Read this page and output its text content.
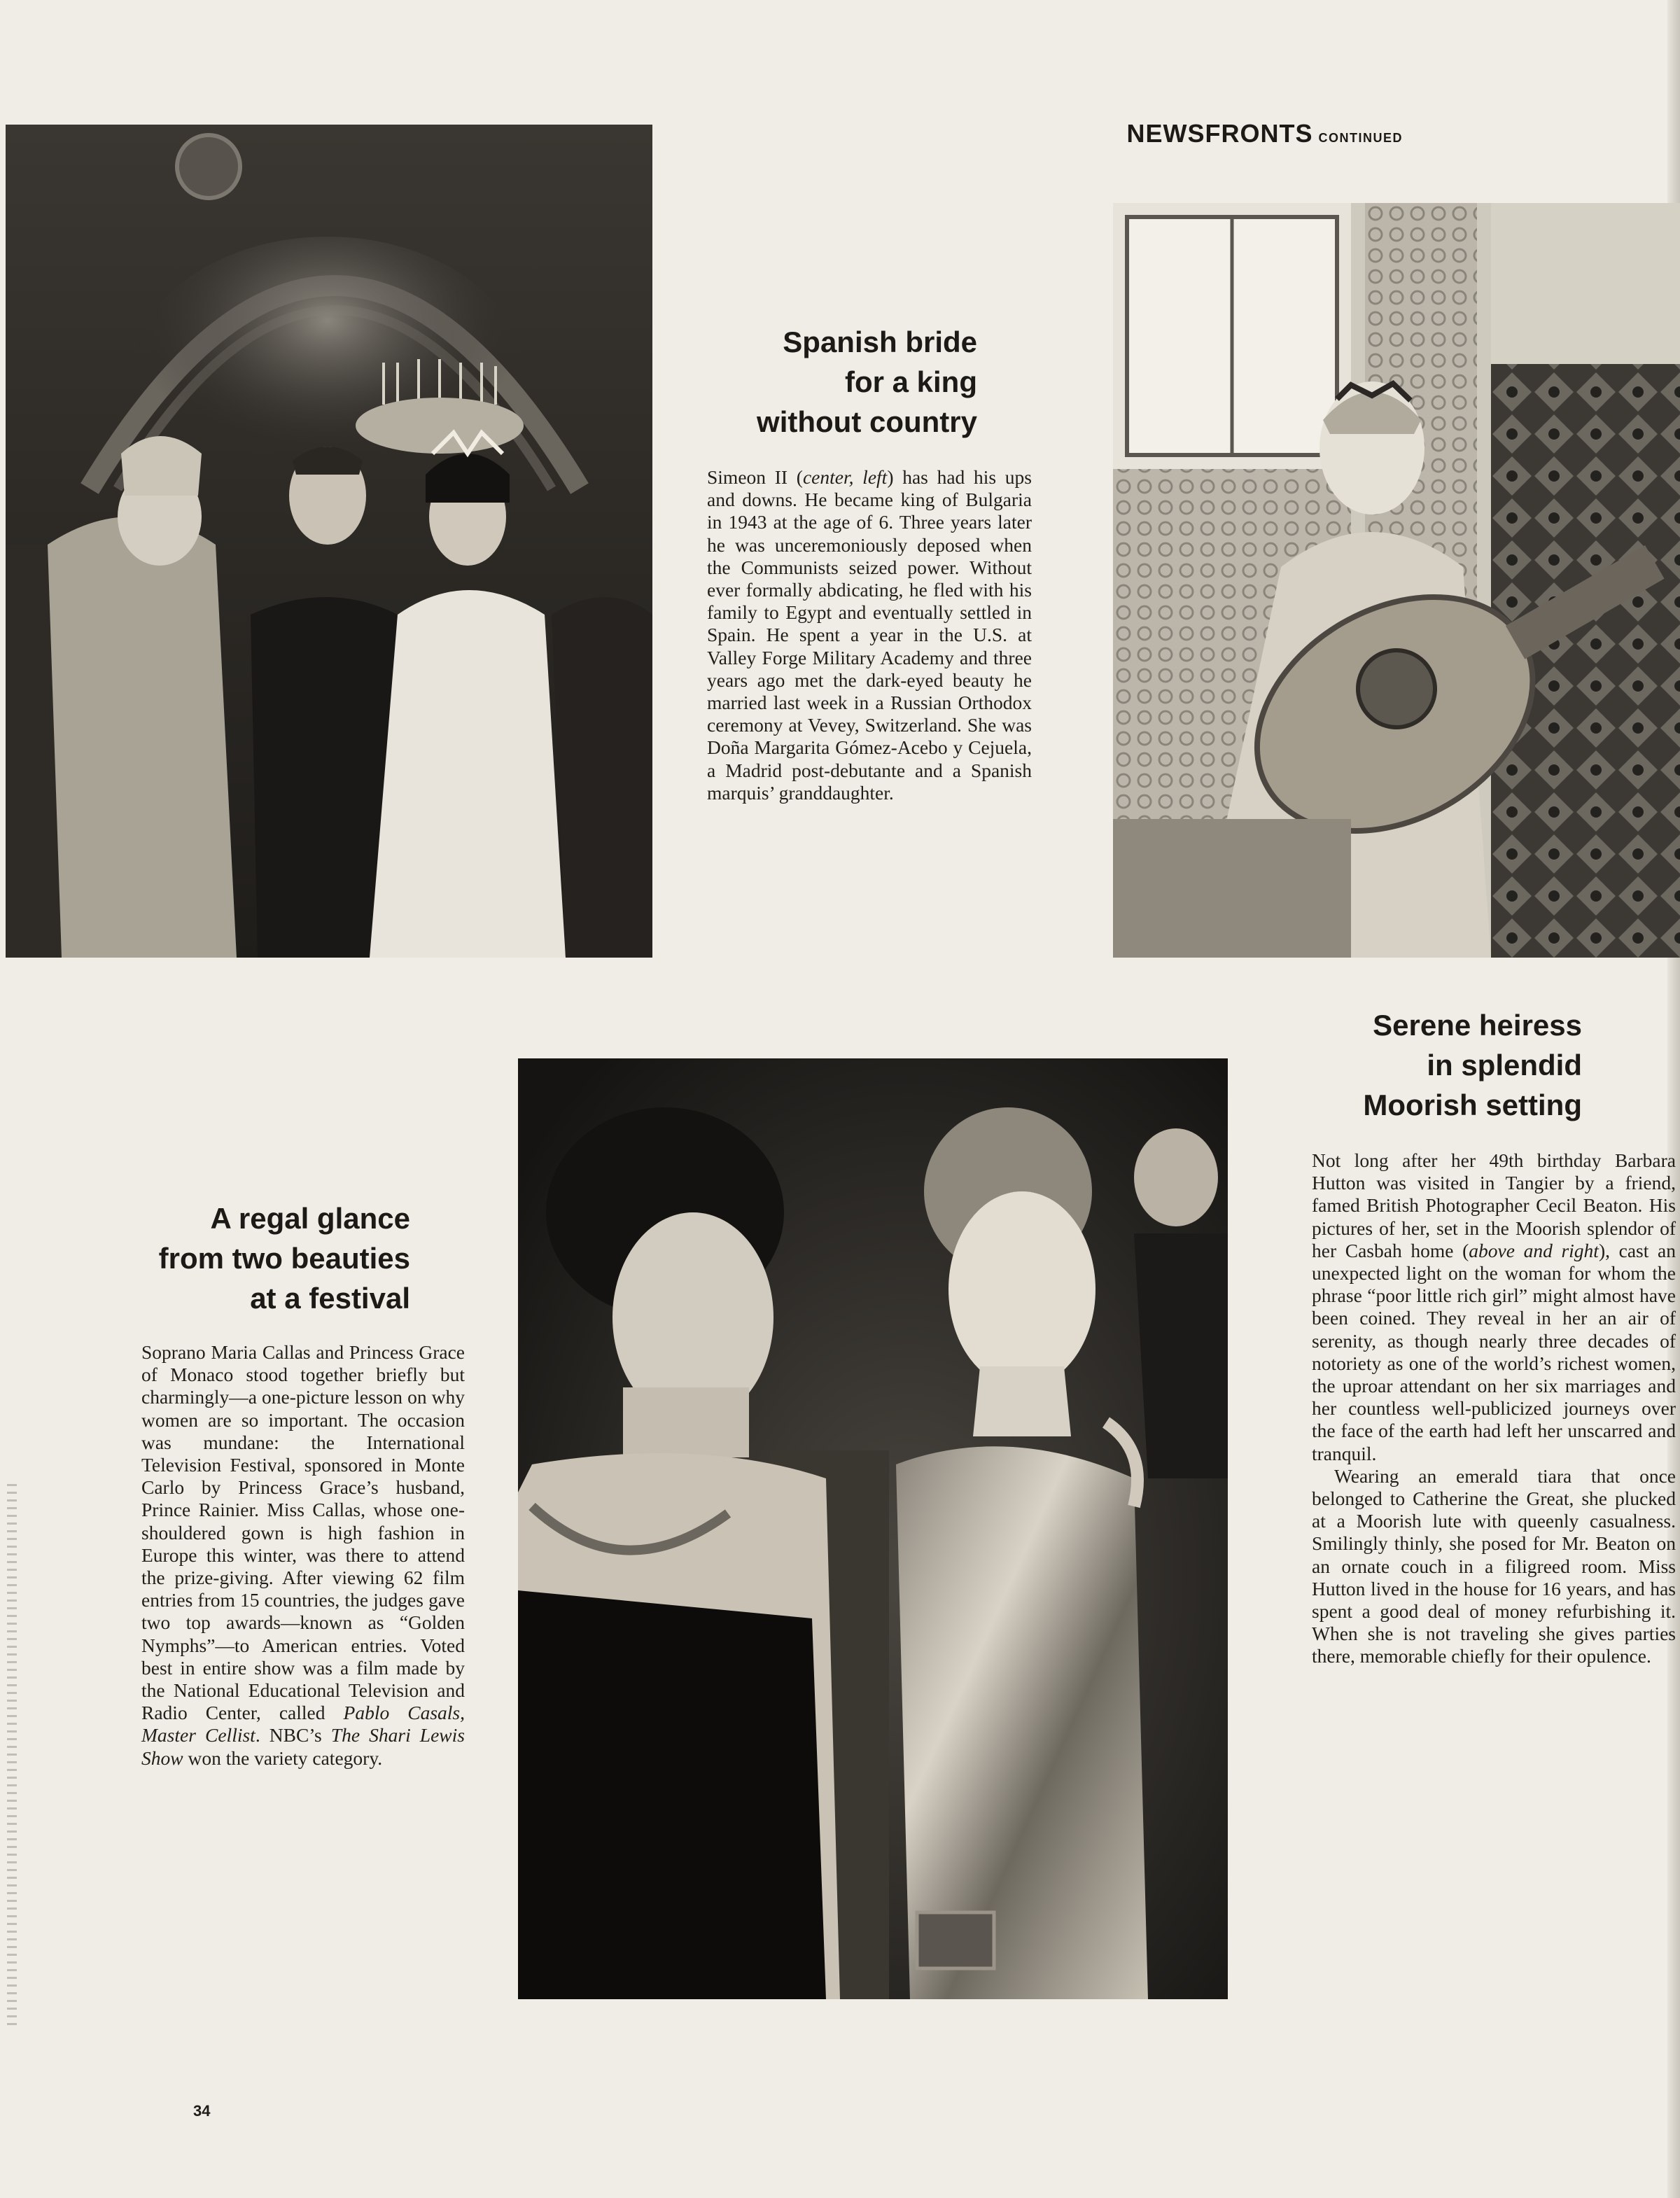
NEWSFRONTS CONTINUED
Spanish bride
for a king
without country

Simeon II (center, left) has had his ups and downs. He became king of Bulgaria in 1943 at the age of 6. Three years later he was unceremoniously deposed when the Communists seized power. Without ever formally abdicating, he fled with his family to Egypt and eventually settled in Spain. He spent a year in the U.S. at Valley Forge Military Academy and three years ago met the dark-eyed beauty he married last week in a Russian Orthodox ceremony at Vevey, Switzerland. She was Doña Margarita Gómez-Acebo y Cejuela, a Madrid post-debutante and a Spanish marquis’ granddaughter.

Serene heiress
in splendid
Moorish setting

Not long after her 49th birthday Barbara Hutton was visited in Tangier by a friend, famed British Photographer Cecil Beaton. His pictures of her, set in the Moorish splendor of her Casbah home (above and right), cast an unexpected light on the woman for whom the phrase “poor little rich girl” might almost have been coined. They reveal in her an air of serenity, as though nearly three decades of notoriety as one of the world’s richest women, the uproar attendant on her six marriages and her countless well-publicized journeys over the face of the earth had left her unscarred and tranquil.

Wearing an emerald tiara that once belonged to Catherine the Great, she plucked at a Moorish lute with queenly casualness. Smilingly thinly, she posed for Mr. Beaton on an ornate couch in a filigreed room. Miss Hutton lived in the house for 16 years, and has spent a good deal of money refurbishing it. When she is not traveling she gives parties there, memorable chiefly for their opulence.

A regal glance
from two beauties
at a festival

Soprano Maria Callas and Princess Grace of Monaco stood together briefly but charmingly—a one-picture lesson on why women are so important. The occasion was mundane: the International Television Festival, sponsored in Monte Carlo by Princess Grace’s husband, Prince Rainier. Miss Callas, whose one-shouldered gown is high fashion in Europe this winter, was there to attend the prize-giving. After viewing 62 film entries from 15 countries, the judges gave two top awards—known as “Golden Nymphs”—to American entries. Voted best in entire show was a film made by the National Educational Television and Radio Center, called Pablo Casals, Master Cellist. NBC’s The Shari Lewis Show won the variety category.

34
